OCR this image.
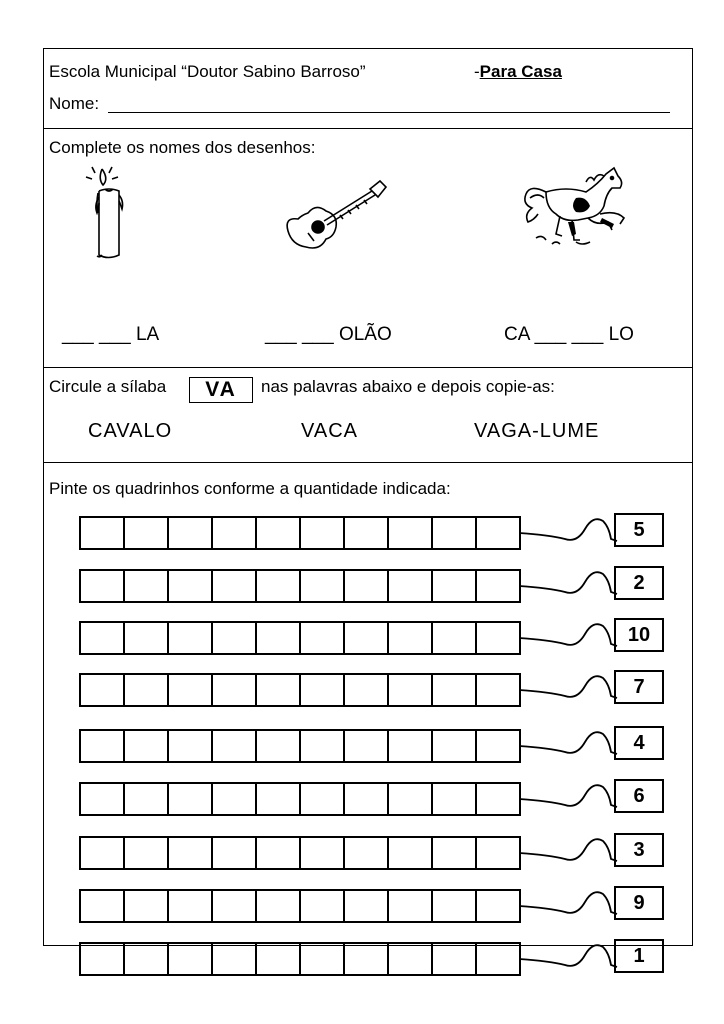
Escola Municipal “Doutor Sabino Barroso”	-Para Casa
Nome:
Complete os nomes dos desenhos:
___ ___ LA	___ ___ OLÃO	CA ___ ___ LO
Circule a sílaba	VA	nas palavras abaixo e depois copie-as:
CAVALO	VACA	VAGA-LUME
Pinte os quadrinhos conforme a quantidade indicada:
5
2
10
7
4
6
3
9
1
